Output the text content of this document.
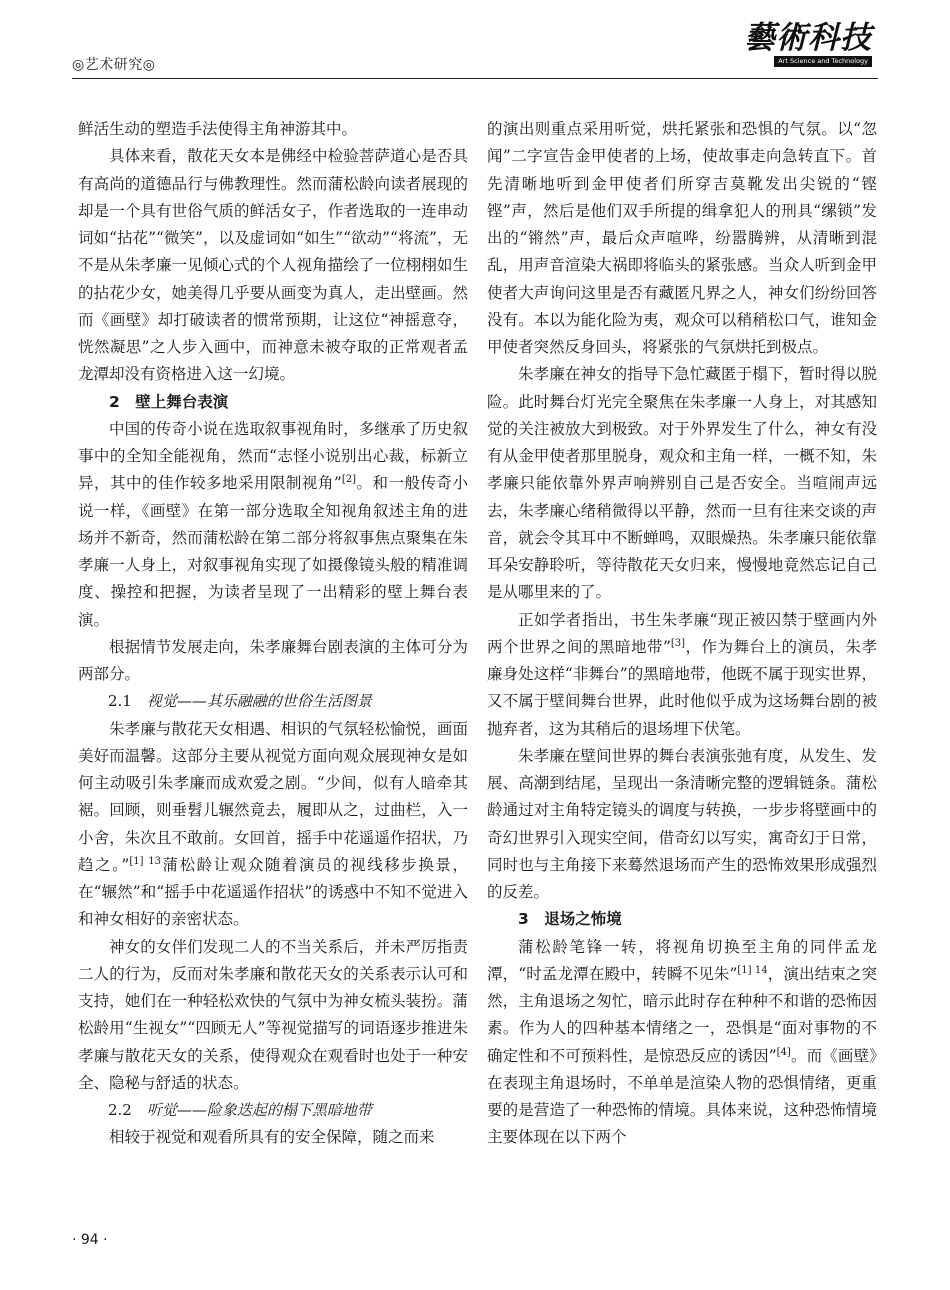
◎艺术研究◎
藝術科技
Art Science and Technology

鲜活生动的塑造手法使得主角神游其中。

具体来看，散花天女本是佛经中检验菩萨道心是否具有高尚的道德品行与佛教理性。然而蒲松龄向读者展现的却是一个具有世俗气质的鲜活女子，作者选取的一连串动词如“拈花”“微笑”，以及虚词如“如生”“欲动”“将流”，无不是从朱孝廉一见倾心式的个人视角描绘了一位栩栩如生的拈花少女，她美得几乎要从画变为真人，走出壁画。然而《画壁》却打破读者的惯常预期，让这位“神摇意夺，恍然凝思”之人步入画中，而神意未被夺取的正常观者孟龙潭却没有资格进入这一幻境。

2 壁上舞台表演

中国的传奇小说在选取叙事视角时，多继承了历史叙事中的全知全能视角，然而“志怪小说别出心裁，标新立异，其中的佳作较多地采用限制视角”[2]。和一般传奇小说一样，《画壁》在第一部分选取全知视角叙述主角的进场并不新奇，然而蒲松龄在第二部分将叙事焦点聚集在朱孝廉一人身上，对叙事视角实现了如摄像镜头般的精准调度、操控和把握，为读者呈现了一出精彩的壁上舞台表演。

根据情节发展走向，朱孝廉舞台剧表演的主体可分为两部分。

2.1 视觉——其乐融融的世俗生活图景

朱孝廉与散花天女相遇、相识的气氛轻松愉悦，画面美好而温馨。这部分主要从视觉方面向观众展现神女是如何主动吸引朱孝廉而成欢爱之剧。“少间，似有人暗牵其裾。回顾，则垂髫儿辗然竟去，履即从之，过曲栏，入一小舍，朱次且不敢前。女回首，摇手中花遥遥作招状，乃趋之。”$^{[1] 13}$蒲松龄让观众随着演员的视线移步换景，在“辗然”和“摇手中花遥遥作招状”的诱惑中不知不觉进入和神女相好的亲密状态。

神女的女伴们发现二人的不当关系后，并未严厉指责二人的行为，反而对朱孝廉和散花天女的关系表示认可和支持，她们在一种轻松欢快的气氛中为神女梳头装扮。蒲松龄用“生视女”“四顾无人”等视觉描写的词语逐步推进朱孝廉与散花天女的关系，使得观众在观看时也处于一种安全、隐秘与舒适的状态。

2.2 听觉——险象迭起的榻下黑暗地带

相较于视觉和观看所具有的安全保障，随之而来

的演出则重点采用听觉，烘托紧张和恐惧的气氛。以“忽闻”二字宣告金甲使者的上场，使故事走向急转直下。首先清晰地听到金甲使者们所穿吉莫靴发出尖锐的“铿铿”声，然后是他们双手所提的缉拿犯人的刑具“缧锁”发出的“锵然”声，最后众声喧哗，纷嚣腾辨，从清晰到混乱，用声音渲染大祸即将临头的紧张感。当众人听到金甲使者大声询问这里是否有藏匿凡界之人，神女们纷纷回答没有。本以为能化险为夷，观众可以稍稍松口气，谁知金甲使者突然反身回头，将紧张的气氛烘托到极点。

朱孝廉在神女的指导下急忙藏匿于榻下，暂时得以脱险。此时舞台灯光完全聚焦在朱孝廉一人身上，对其感知觉的关注被放大到极致。对于外界发生了什么，神女有没有从金甲使者那里脱身，观众和主角一样，一概不知，朱孝廉只能依靠外界声响辨别自己是否安全。当喧闹声远去，朱孝廉心绪稍微得以平静，然而一旦有往来交谈的声音，就会令其耳中不断蝉鸣，双眼燥热。朱孝廉只能依靠耳朵安静聆听，等待散花天女归来，慢慢地竟然忘记自己是从哪里来的了。

正如学者指出，书生朱孝廉“现正被囚禁于壁画内外两个世界之间的黑暗地带”[3]，作为舞台上的演员，朱孝廉身处这样“非舞台”的黑暗地带，他既不属于现实世界，又不属于壁间舞台世界，此时他似乎成为这场舞台剧的被抛弃者，这为其稍后的退场埋下伏笔。

朱孝廉在壁间世界的舞台表演张弛有度，从发生、发展、高潮到结尾，呈现出一条清晰完整的逻辑链条。蒲松龄通过对主角特定镜头的调度与转换，一步步将壁画中的奇幻世界引入现实空间，借奇幻以写实，寓奇幻于日常，同时也与主角接下来蓦然退场而产生的恐怖效果形成强烈的反差。

3 退场之怖境

蒲松龄笔锋一转，将视角切换至主角的同伴孟龙潭，“时孟龙潭在殿中，转瞬不见朱”$^{[1] 14}$，演出结束之突然，主角退场之匆忙，暗示此时存在种种不和谐的恐怖因素。作为人的四种基本情绪之一，恐惧是“面对事物的不确定性和不可预料性，是惊恐反应的诱因”[4]。而《画壁》在表现主角退场时，不单单是渲染人物的恐惧情绪，更重要的是营造了一种恐怖的情境。具体来说，这种恐怖情境主要体现在以下两个

· 94 ·
